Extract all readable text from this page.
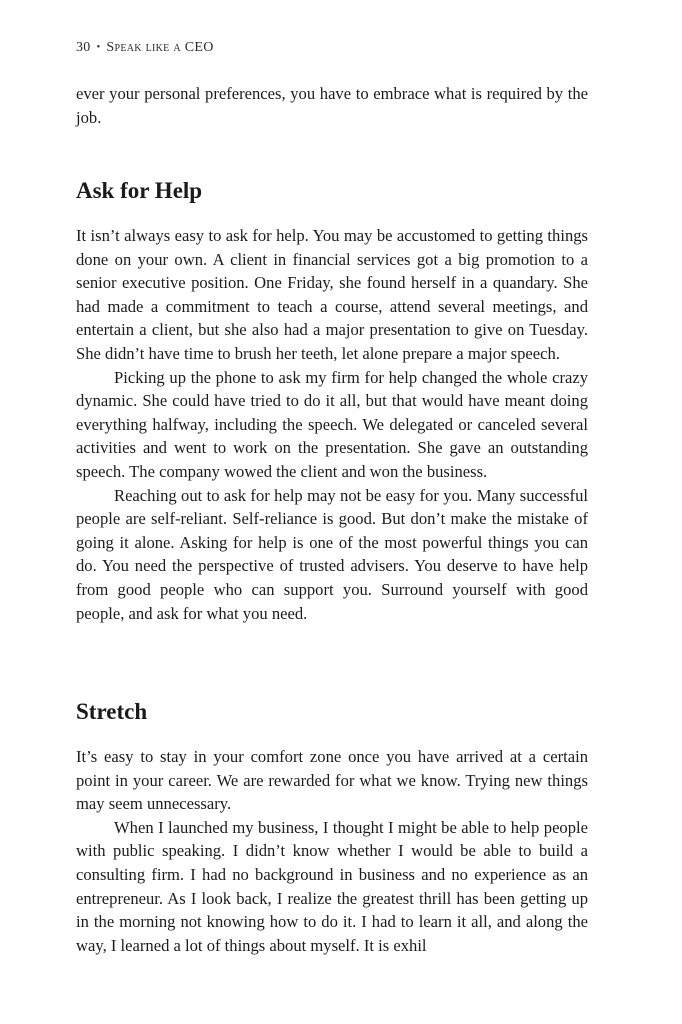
30 • Speak like a CEO

ever your personal preferences, you have to embrace what is required by the job.

Ask for Help

It isn’t always easy to ask for help. You may be accustomed to getting things done on your own. A client in financial services got a big promotion to a senior executive position. One Friday, she found herself in a quandary. She had made a commitment to teach a course, attend several meetings, and entertain a client, but she also had a major presentation to give on Tuesday. She didn’t have time to brush her teeth, let alone prepare a major speech.

Picking up the phone to ask my firm for help changed the whole crazy dynamic. She could have tried to do it all, but that would have meant doing everything halfway, including the speech. We delegated or canceled several activities and went to work on the presentation. She gave an outstanding speech. The company wowed the client and won the business.

Reaching out to ask for help may not be easy for you. Many successful people are self-reliant. Self-reliance is good. But don’t make the mistake of going it alone. Asking for help is one of the most powerful things you can do. You need the perspective of trusted advisers. You deserve to have help from good people who can support you. Surround yourself with good people, and ask for what you need.

Stretch

It’s easy to stay in your comfort zone once you have arrived at a certain point in your career. We are rewarded for what we know. Trying new things may seem unnecessary.

When I launched my business, I thought I might be able to help people with public speaking. I didn’t know whether I would be able to build a consulting firm. I had no background in business and no experience as an entrepreneur. As I look back, I realize the greatest thrill has been getting up in the morning not knowing how to do it. I had to learn it all, and along the way, I learned a lot of things about myself. It is exhil
